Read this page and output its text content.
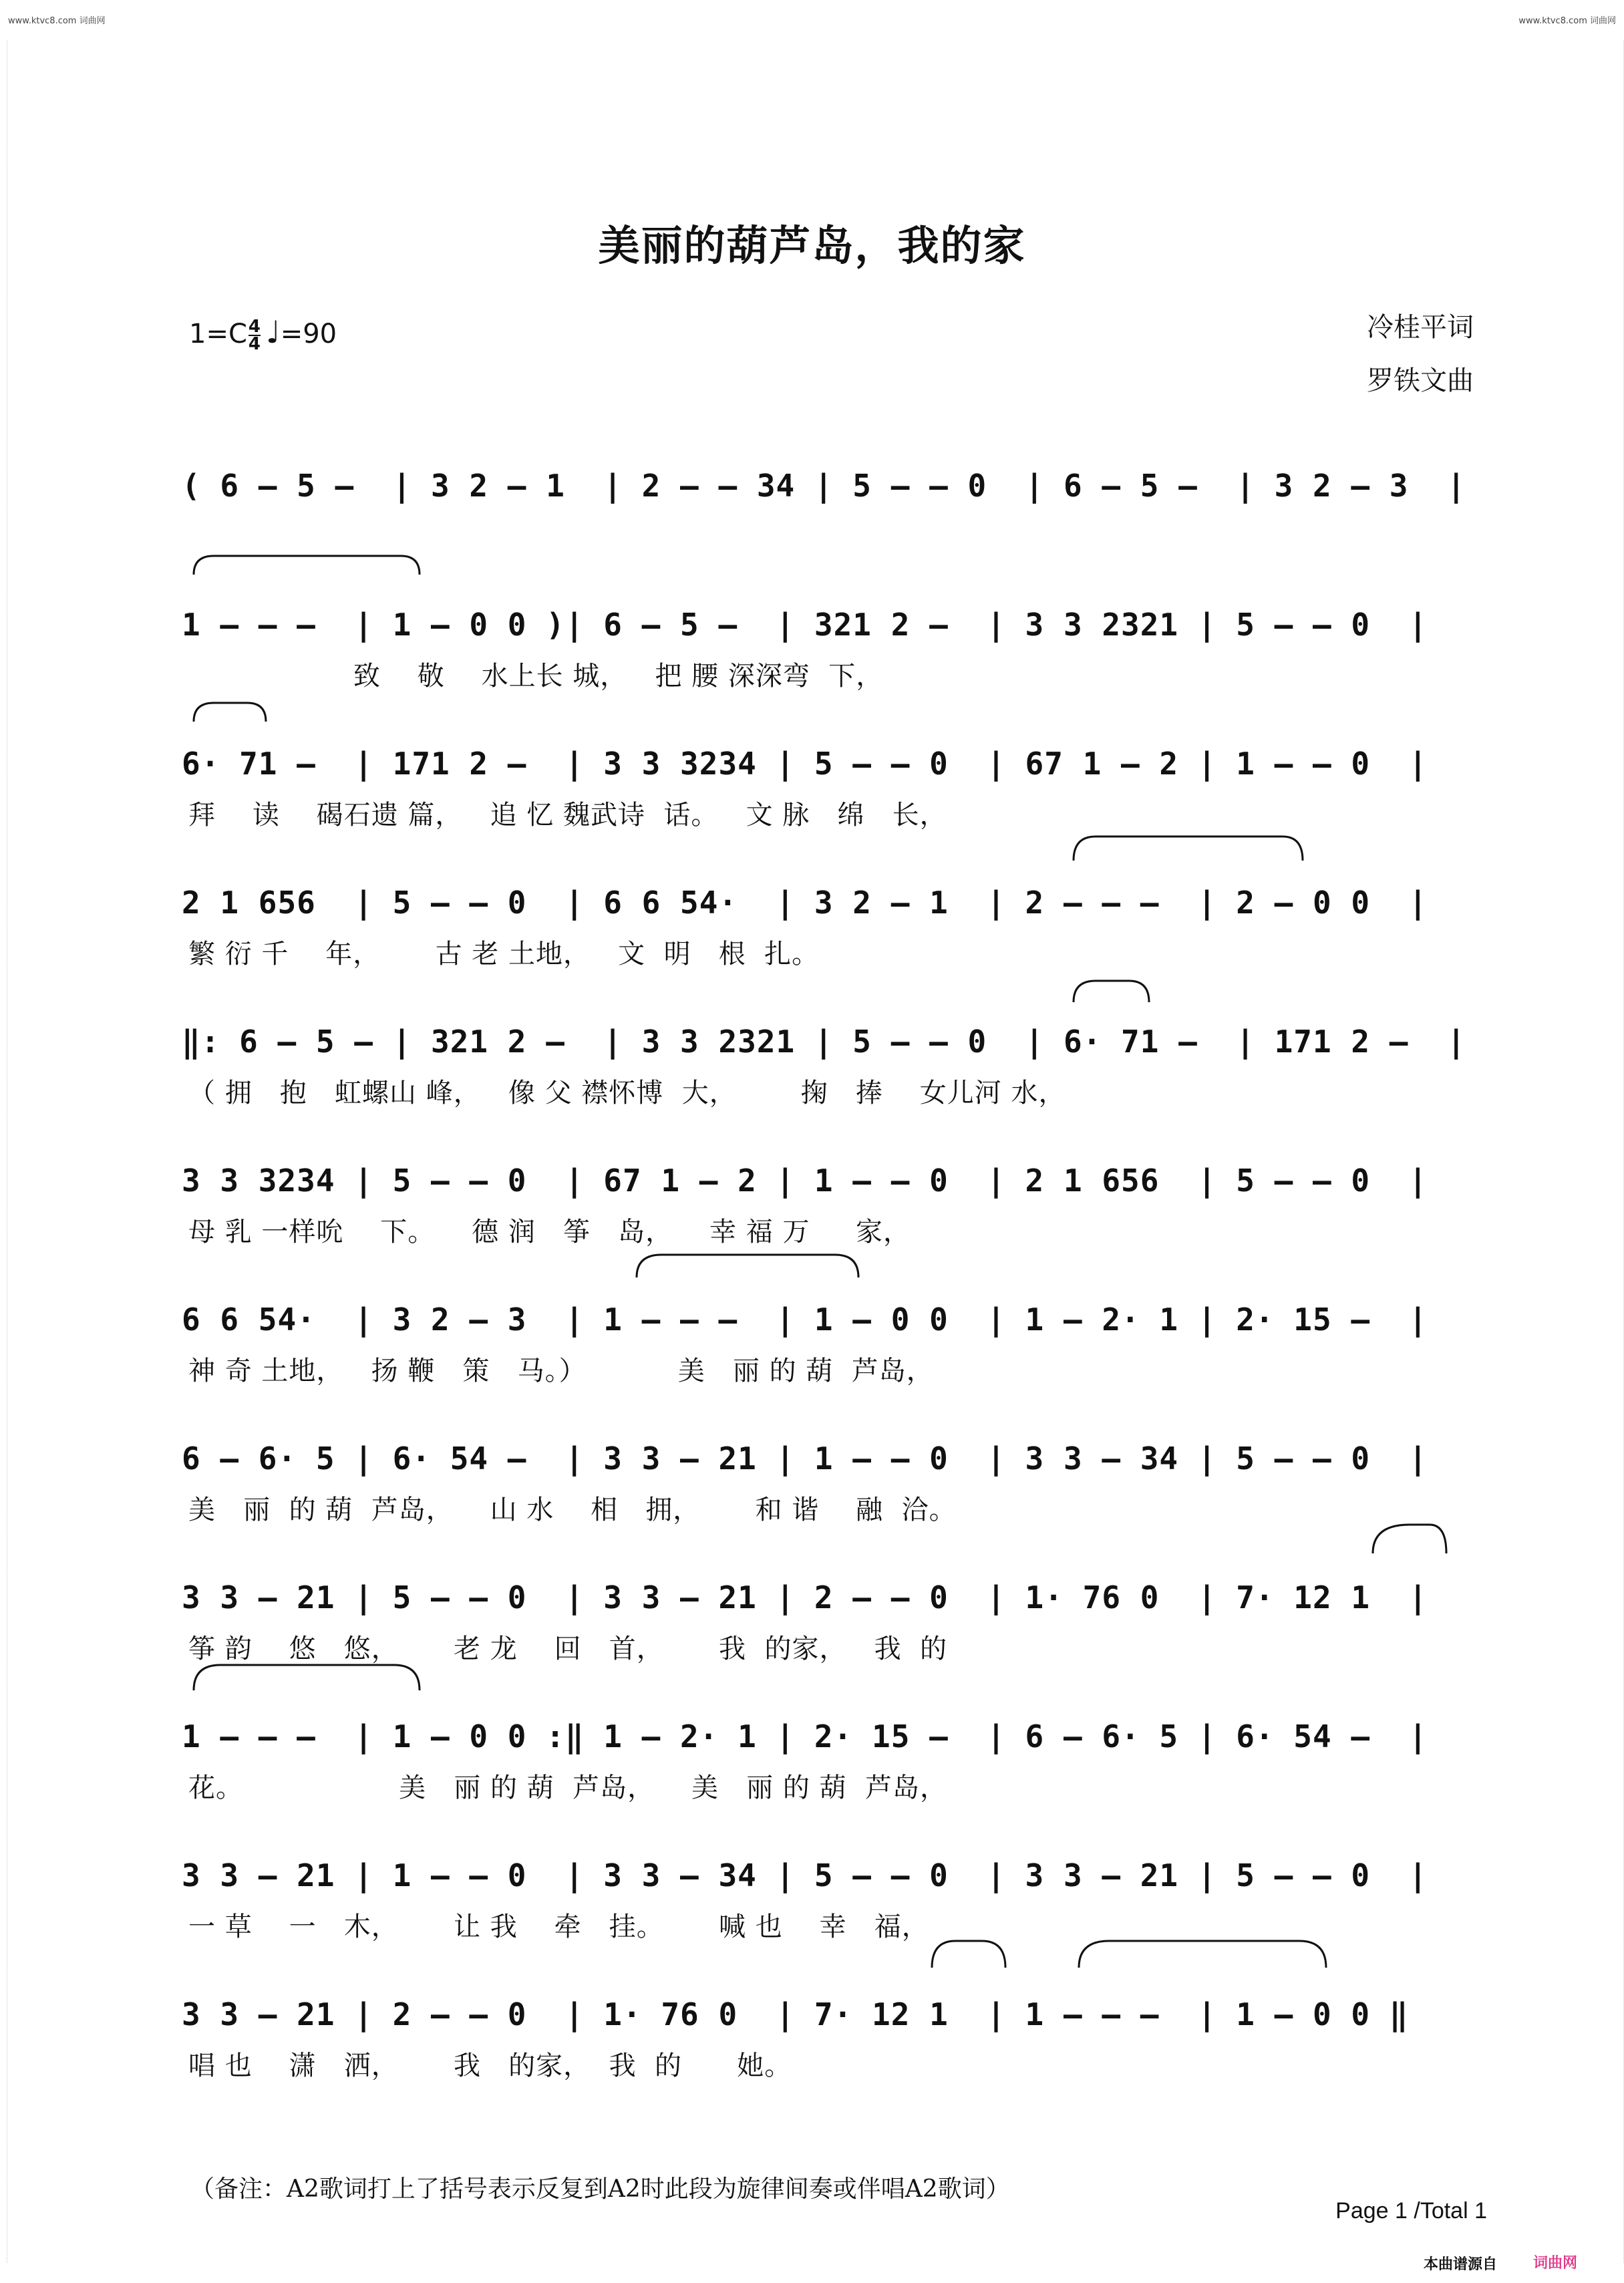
www.ktvc8.com 词曲网	www.ktvc8.com 词曲网
美丽的葫芦岛，我的家
$1=C \frac{4}{4}$ ♩=90	冷桂平词
罗铁文曲
( 6 – 5 –  | 3 2 – 1  | 2 – – 34 | 5 – – 0  | 6 – 5 –  | 3 2 – 3  |
1 – – –  | 1 – 0 0 )| 6 – 5 –  | 321 2 –  | 3 3 2321 | 5 – – 0  |
致    敬    水上长 城，   把 腰 深深弯  下，
6· 71 –  | 171 2 –  | 3 3 3234 | 5 – – 0  | 67 1 – 2 | 1 – – 0  |
拜    读    碣石遗 篇，   追 忆 魏武诗  话。   文 脉   绵   长，
2 1 656  | 5 – – 0  | 6 6 54·  | 3 2 – 1  | 2 – – –  | 2 – 0 0  |
繁 衍 千    年，      古 老 土地，   文  明   根  扎。
‖: 6 – 5 – | 321 2 –  | 3 3 2321 | 5 – – 0  | 6· 71 –  | 171 2 –  |
（ 拥   抱   虹螺山 峰，   像 父 襟怀博  大，       掬   捧    女儿河 水，
3 3 3234 | 5 – – 0  | 67 1 – 2 | 1 – – 0  | 2 1 656  | 5 – – 0  |
母 乳 一样吮    下。    德 润   筝   岛，    幸 福 万     家，
6 6 54·  | 3 2 – 3  | 1 – – –  | 1 – 0 0  | 1 – 2· 1 | 2· 15 –  |
神 奇 土地，   扬 鞭   策   马。）          美   丽 的 葫  芦岛，
6 – 6· 5 | 6· 54 –  | 3 3 – 21 | 1 – – 0  | 3 3 – 34 | 5 – – 0  |
美   丽  的 葫  芦岛，    山 水    相   拥，      和 谐    融  洽。
3 3 – 21 | 5 – – 0  | 3 3 – 21 | 2 – – 0  | 1· 76 0  | 7· 12 1  |
筝 韵    悠   悠，      老 龙    回   首，      我  的家，   我  的
1 – – –  | 1 – 0 0 :‖ 1 – 2· 1 | 2· 15 –  | 6 – 6· 5 | 6· 54 –  |
花。                 美   丽 的 葫  芦岛，    美   丽 的 葫  芦岛，
3 3 – 21 | 1 – – 0  | 3 3 – 34 | 5 – – 0  | 3 3 – 21 | 5 – – 0  |
一 草    一   木，      让 我    牵   挂。      喊 也    幸   福，
3 3 – 21 | 2 – – 0  | 1· 76 0  | 7· 12 1  | 1 – – –  | 1 – 0 0 ‖
唱 也    潇   洒，      我   的家，  我  的      她。
（备注：A2歌词打上了括号表示反复到A2时此段为旋律间奏或伴唱A2歌词）
Page 1 /Total 1
本曲谱源自 词曲网
